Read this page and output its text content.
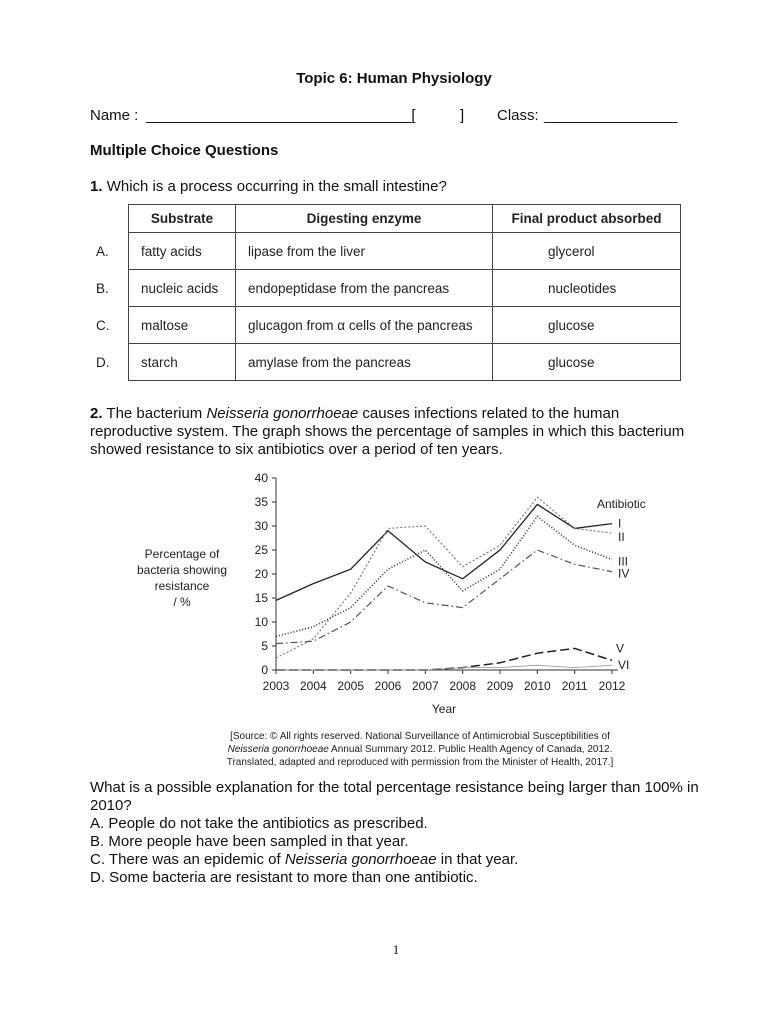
Topic 6: Human Physiology
Name : _________________________________[	] Class: ________________
Multiple Choice Questions
1. Which is a process occurring in the small intestine?
	Substrate	Digesting enzyme	Final product absorbed
A.	fatty acids	lipase from the liver	glycerol
B.	nucleic acids	endopeptidase from the pancreas	nucleotides
C.	maltose	glucagon from α cells of the pancreas	glucose
D.	starch	amylase from the pancreas	glucose
2. The bacterium Neisseria gonorrhoeae causes infections related to the human reproductive system. The graph shows the percentage of samples in which this bacterium showed resistance to six antibiotics over a period of ten years.
0
5
10
15
20
25
30
35
40
2003 2004 2005 2006 2007 2008 2009 2010 2011 2012
Year
Percentage of
bacteria showing
resistance
/ %
Antibiotic
I
II
III
IV
V
VI
[Source: © All rights reserved. National Surveillance of Antimicrobial Susceptibilities of
Neisseria gonorrhoeae Annual Summary 2012. Public Health Agency of Canada, 2012.
Translated, adapted and reproduced with permission from the Minister of Health, 2017.]
What is a possible explanation for the total percentage resistance being larger than 100% in 2010?
A. People do not take the antibiotics as prescribed.
B. More people have been sampled in that year.
C. There was an epidemic of Neisseria gonorrhoeae in that year.
D. Some bacteria are resistant to more than one antibiotic.
1
